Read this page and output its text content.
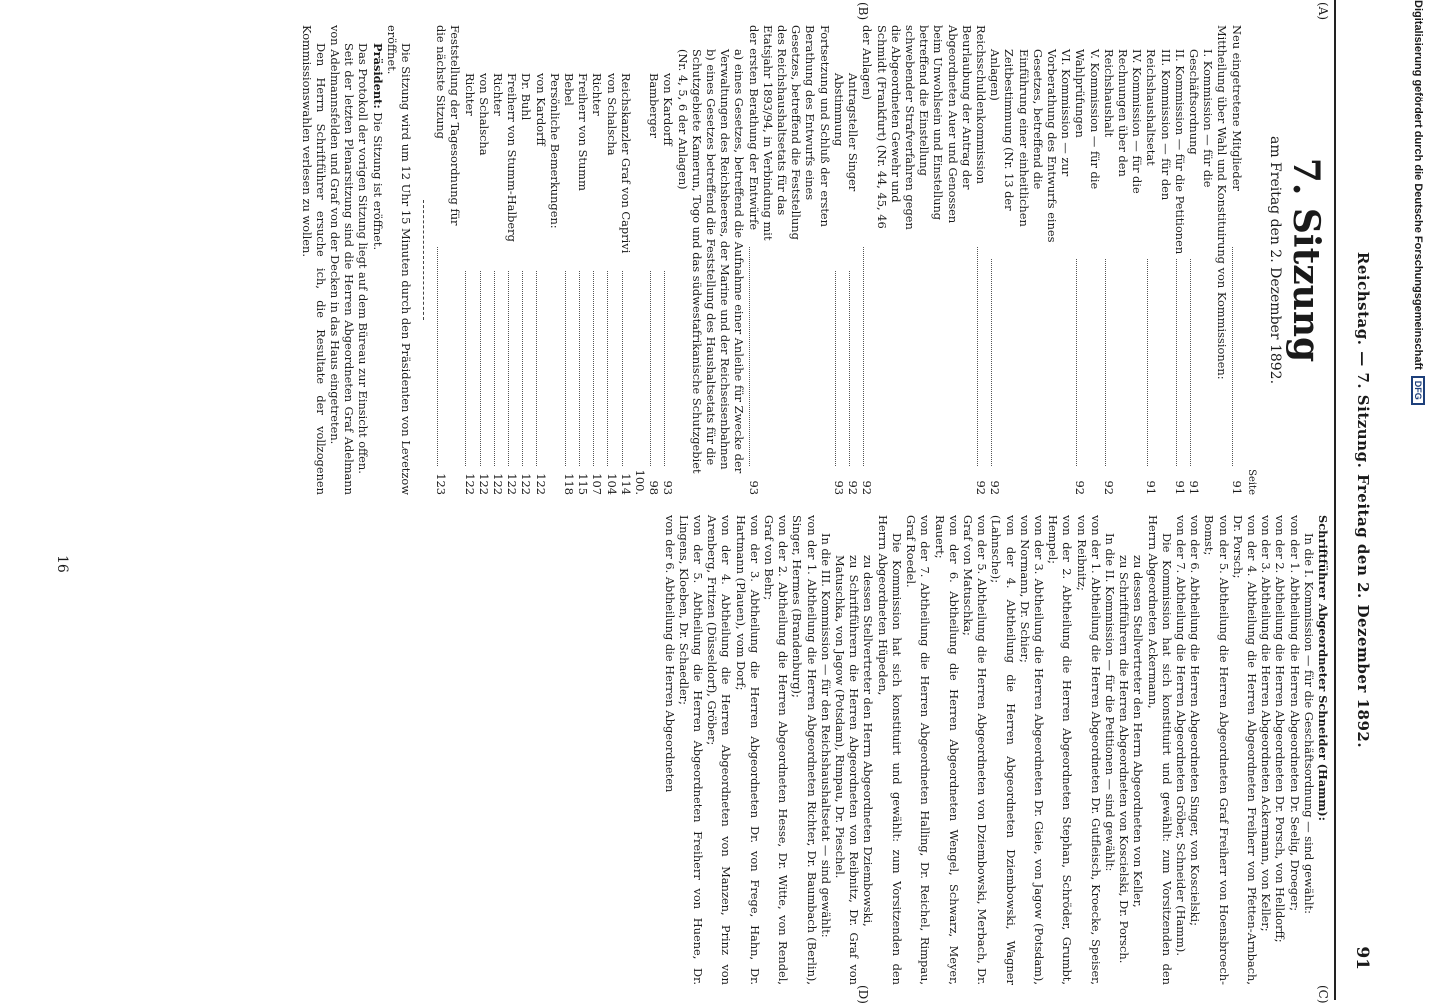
Reichstag. — 7. Sitzung. Freitag den 2. Dezember 1892.
91
(A)
(B)
(C)
(D)
7. Sitzung
am Freitag den 2. Dezember 1892.
Seite
Neu eingetretene Mitglieder
91
Mittheilung über Wahl und Konstituirung von Kommissionen:
I. Kommission — für die Geschäftsordnung
91
II. Kommission — für die Petitionen
91
III. Kommission — für den Reichshaushaltsetat
91
IV. Kommission — für die Rechnungen über den Reichshaushalt
92
V. Kommission — für die Wahlprüfungen
92
VI. Kommission — zur Vorberathung des Entwurfs eines Gesetzes, betreffend die Einführung einer einheitlichen Zeitbestimmung (Nr. 13 der Anlagen)
92
Reichsschuldenkommission
92
Beurlaubung der Antrag der Abgeordneten Auer und Genossen beim Unwohlsein und Einstellung betreffend die Einstellung schwebender Strafverfahren gegen die Abgeordneten Gewehr und Schmidt (Frankfurt) (Nr. 44, 45, 46 der Anlagen)
92
Antragsteller Singer
92
Abstimmung
93
Fortsetzung und Schluß der ersten Berathung des Entwurfs eines Gesetzes, betreffend die Feststellung des Reichshaushaltsetats für das Etatsjahr 1893/94, in Verbindung mit der ersten Berathung der Entwürfe
93
a) eines Gesetzes, betreffend die Aufnahme einer Anleihe für Zwecke der Verwaltungen des Reichsheeres, der Marine und der Reichseisenbahnen
b) eines Gesetzes betreffend die Feststellung des Haushaltsetats für die Schutzgebiete Kamerun, Togo und das südwestafrikanische Schutzgebiet (Nr. 4, 5, 6 der Anlagen)
von Kardorff
93
Bamberger
98
Reichskanzler Graf von Caprivi
100. 114
von Schalscha
104
Richter
107
Freiherr von Stumm
115
Bebel
118
Persönliche Bemerkungen:
von Kardorff
122
Dr. Buhl
122
Freiherr von Stumm-Halberg
122
Richter
122
von Schalscha
122
Richter
122
Feststellung der Tagesordnung für die nächste Sitzung
123

Die Sitzung wird um 12 Uhr 15 Minuten durch den Präsidenten von Levetzow eröffnet.

Präsident: Die Sitzung ist eröffnet.

Das Protokoll der vorigen Sitzung liegt auf dem Büreau zur Einsicht offen.

Seit der letzten Plenarsitzung sind die Herren Abgeordneten Graf Adelmann von Adelmannsfelden und Graf von der Decken in das Haus eingetreten.

Den Herrn Schriftführer ersuche ich, die Resultate der vollzogenen Kommissionswahlen verlesen zu wollen.

Schriftführer Abgeordneter Schneider (Hamm):

In die I. Kommission — für die Geschäftsordnung — sind gewählt:

von der 1. Abtheilung die Herren Abgeordneten Dr. Seelig, Droeger;

von der 2. Abtheilung die Herren Abgeordneten Dr. Porsch, von Helldorff;

von der 3. Abtheilung die Herren Abgeordneten Ackermann, von Keller;

von der 4. Abtheilung die Herren Abgeordneten Freiherr von Pfetten-Arnbach, Dr. Porsch;

von der 5. Abtheilung die Herren Abgeordneten Graf Freiherr von Hoensbroech-Bomst;

von der 6. Abtheilung die Herren Abgeordneten Singer, von Koscielski;

von der 7. Abtheilung die Herren Abgeordneten Gröber, Schneider (Hamm).

Die Kommission hat sich konstituirt und gewählt: zum Vorsitzenden den Herrn Abgeordneten Ackermann,

zu dessen Stellvertreter den Herrn Abgeordneten von Keller,

zu Schriftführern die Herren Abgeordneten von Koscielski, Dr. Porsch.

In die II. Kommission — für die Petitionen — sind gewählt:

von der 1. Abtheilung die Herren Abgeordneten Dr. Gutfleisch, Kroecke, Speiser, von Reibnitz;

von der 2. Abtheilung die Herren Abgeordneten Stephan, Schröder, Grumbt, Hempel;

von der 3. Abtheilung die Herren Abgeordneten Dr. Gieie, von Jagow (Potsdam), von Normann, Dr. Schier;

von der 4. Abtheilung die Herren Abgeordneten Dziembowski, Wagner (Lahnsche);

von der 5. Abtheilung die Herren Abgeordneten von Dziembowski, Merbach, Dr. Graf von Matuschka;

von der 6. Abtheilung die Herren Abgeordneten Wengel, Schwarz, Meyer, Rauert;

von der 7. Abtheilung die Herren Abgeordneten Halling, Dr. Reichel, Rimpau, Graf Roedel.

Die Kommission hat sich konstituirt und gewählt: zum Vorsitzenden den Herrn Abgeordneten Hüpeden,

zu dessen Stellvertreter den Herrn Abgeordneten Dziembowski,

zu Schriftführern die Herren Abgeordneten von Reibnitz, Dr. Graf von Matuschka, von Jagow (Potsdam), Rimpau, Dr. Pieschel.

In die III. Kommission — für den Reichshaushaltsetat — sind gewählt:

von der 1. Abtheilung die Herren Abgeordneten Richter, Dr. Baumbach (Berlin), Singer, Hermes (Brandenburg);

von der 2. Abtheilung die Herren Abgeordneten Hesse, Dr. Witte, von Rendel, Graf von Behr;

von der 3. Abtheilung die Herren Abgeordneten Dr. von Frege, Hahn, Dr. Hartmann (Plauen), vom Dorf;

von der 4. Abtheilung die Herren Abgeordneten von Manzen, Prinz von Arenberg, Fritzen (Düsseldorf), Gröber;

von der 5. Abtheilung die Herren Abgeordneten Freiherr von Huene, Dr. Lingens, Kloeben, Dr. Schaedler;

von der 6. Abtheilung die Herren Abgeordneten

16
Digitalisierung gefördert durch die Deutsche Forschungsgemeinschaft
DFG
